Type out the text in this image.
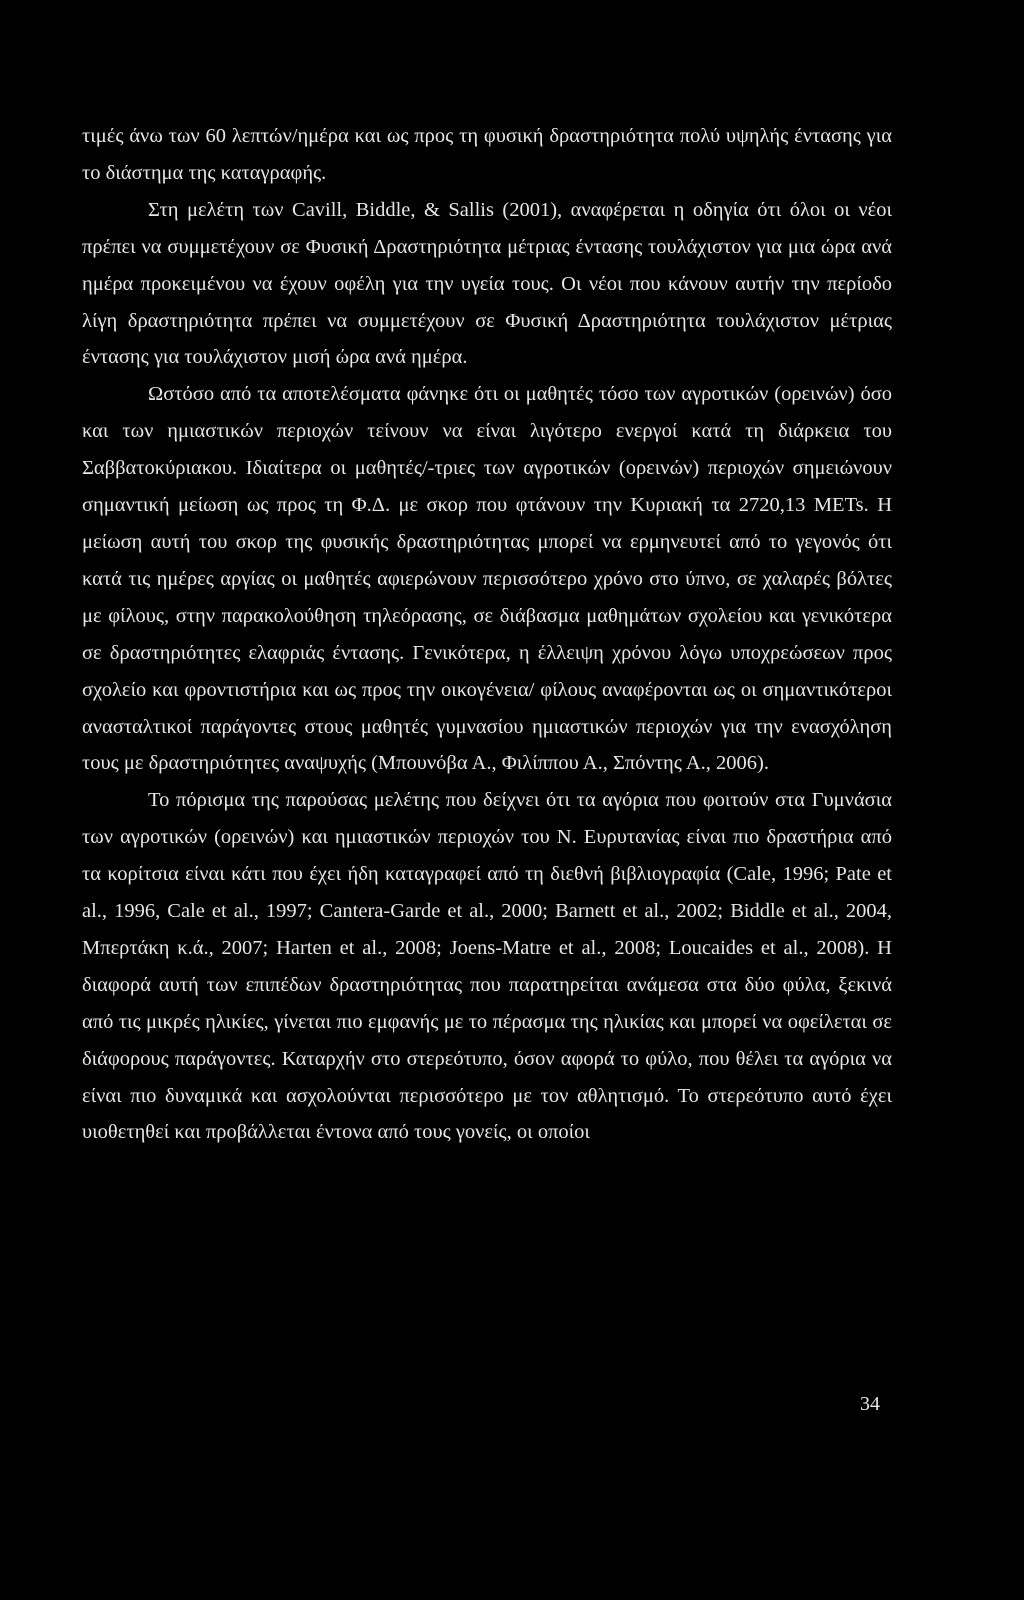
τιμές άνω των 60 λεπτών/ημέρα και ως προς τη φυσική δραστηριότητα πολύ υψηλής έντασης για το διάστημα της καταγραφής.

Στη μελέτη των Cavill, Biddle, & Sallis (2001), αναφέρεται η οδηγία ότι όλοι οι νέοι πρέπει να συμμετέχουν σε Φυσική Δραστηριότητα μέτριας έντασης τουλάχιστον για μια ώρα ανά ημέρα προκειμένου να έχουν οφέλη για την υγεία τους. Οι νέοι που κάνουν αυτήν την περίοδο λίγη δραστηριότητα πρέπει να συμμετέχουν σε Φυσική Δραστηριότητα τουλάχιστον μέτριας έντασης για τουλάχιστον μισή ώρα ανά ημέρα.

Ωστόσο από τα αποτελέσματα φάνηκε ότι οι μαθητές τόσο των αγροτικών (ορεινών) όσο και των ημιαστικών περιοχών τείνουν να είναι λιγότερο ενεργοί κατά τη διάρκεια του Σαββατοκύριακου. Ιδιαίτερα οι μαθητές/-τριες των αγροτικών (ορεινών) περιοχών σημειώνουν σημαντική μείωση ως προς τη Φ.Δ. με σκορ που φτάνουν την Κυριακή τα 2720,13 METs. Η μείωση αυτή του σκορ της φυσικής δραστηριότητας μπορεί να ερμηνευτεί από το γεγονός ότι κατά τις ημέρες αργίας οι μαθητές αφιερώνουν περισσότερο χρόνο στο ύπνο, σε χαλαρές βόλτες με φίλους, στην παρακολούθηση τηλεόρασης, σε διάβασμα μαθημάτων σχολείου και γενικότερα σε δραστηριότητες ελαφριάς έντασης. Γενικότερα, η έλλειψη χρόνου λόγω υποχρεώσεων προς σχολείο και φροντιστήρια και ως προς την οικογένεια/ φίλους αναφέρονται ως οι σημαντικότεροι ανασταλτικοί παράγοντες στους μαθητές γυμνασίου ημιαστικών περιοχών για την ενασχόληση τους με δραστηριότητες αναψυχής (Μπουνόβα Α., Φιλίππου Α., Σπόντης Α., 2006).

Το πόρισμα της παρούσας μελέτης που δείχνει ότι τα αγόρια που φοιτούν στα Γυμνάσια των αγροτικών (ορεινών) και ημιαστικών περιοχών του Ν. Ευρυτανίας είναι πιο δραστήρια από τα κορίτσια είναι κάτι που έχει ήδη καταγραφεί από τη διεθνή βιβλιογραφία (Cale, 1996; Pate et al., 1996, Cale et al., 1997; Cantera-Garde et al., 2000; Barnett et al., 2002; Biddle et al., 2004, Μπερτάκη κ.ά., 2007; Harten et al., 2008; Joens-Matre et al., 2008; Loucaides et al., 2008). Η διαφορά αυτή των επιπέδων δραστηριότητας που παρατηρείται ανάμεσα στα δύο φύλα, ξεκινά από τις μικρές ηλικίες, γίνεται πιο εμφανής με το πέρασμα της ηλικίας και μπορεί να οφείλεται σε διάφορους παράγοντες. Καταρχήν στο στερεότυπο, όσον αφορά το φύλο, που θέλει τα αγόρια να είναι πιο δυναμικά και ασχολούνται περισσότερο με τον αθλητισμό. Το στερεότυπο αυτό έχει υιοθετηθεί και προβάλλεται έντονα από τους γονείς, οι οποίοι

34
